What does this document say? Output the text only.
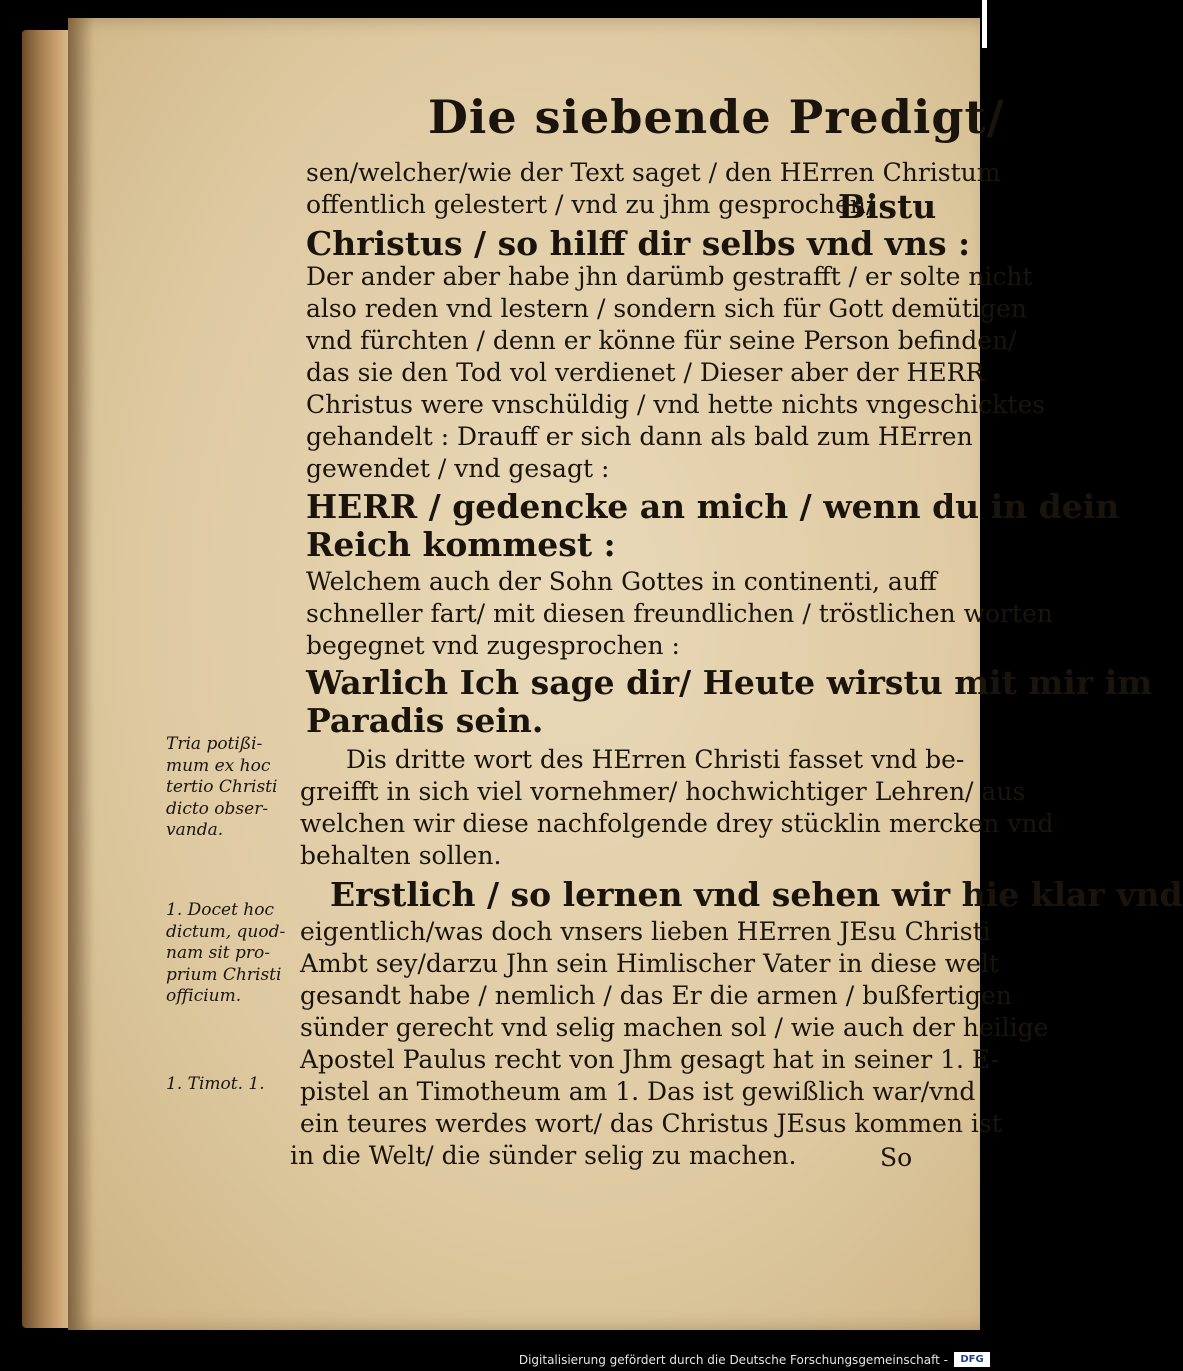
Die siebende Predigt/
sen/welcher/wie der Text saget / den HErren Christum
offentlich gelestert / vnd zu jhm gesprochen/
Bistu
Christus / so hilff dir selbs vnd vns :
Der ander aber habe jhn darümb gestrafft / er solte nicht
also reden vnd lestern / sondern sich für Gott demütigen
vnd fürchten / denn er könne für seine Person befinden/
das sie den Tod vol verdienet / Dieser aber der HERR
Christus were vnschüldig / vnd hette nichts vngeschicktes
gehandelt : Drauff er sich dann als bald zum HErren
gewendet / vnd gesagt :
HERR / gedencke an mich / wenn du in dein
Reich kommest :
Welchem auch der Sohn Gottes in continenti, auff
schneller fart/ mit diesen freundlichen / tröstlichen worten
begegnet vnd zugesprochen :
Warlich Ich sage dir/ Heute wirstu mit mir im
Paradis sein.
Dis dritte wort des HErren Christi fasset vnd be-
greifft in sich viel vornehmer/ hochwichtiger Lehren/ aus
welchen wir diese nachfolgende drey stücklin mercken vnd
behalten sollen.
Erstlich / so lernen vnd sehen wir hie klar vnd
eigentlich/was doch vnsers lieben HErren JEsu Christi
Ambt sey/darzu Jhn sein Himlischer Vater in diese welt
gesandt habe / nemlich / das Er die armen / bußfertigen
sünder gerecht vnd selig machen sol / wie auch der heilige
Apostel Paulus recht von Jhm gesagt hat in seiner 1. E-
pistel an Timotheum am 1. Das ist gewißlich war/vnd
ein teures werdes wort/ das Christus JEsus kommen ist
in die Welt/ die sünder selig zu machen.	So
Tria potißi-
mum ex hoc
tertio Christi
dicto obser-
vanda.
1. Docet hoc
dictum, quod-
nam sit pro-
prium Christi
officium.
1. Timot. 1.
Digitalisierung gefördert durch die Deutsche Forschungsgemeinschaft -	DFG
